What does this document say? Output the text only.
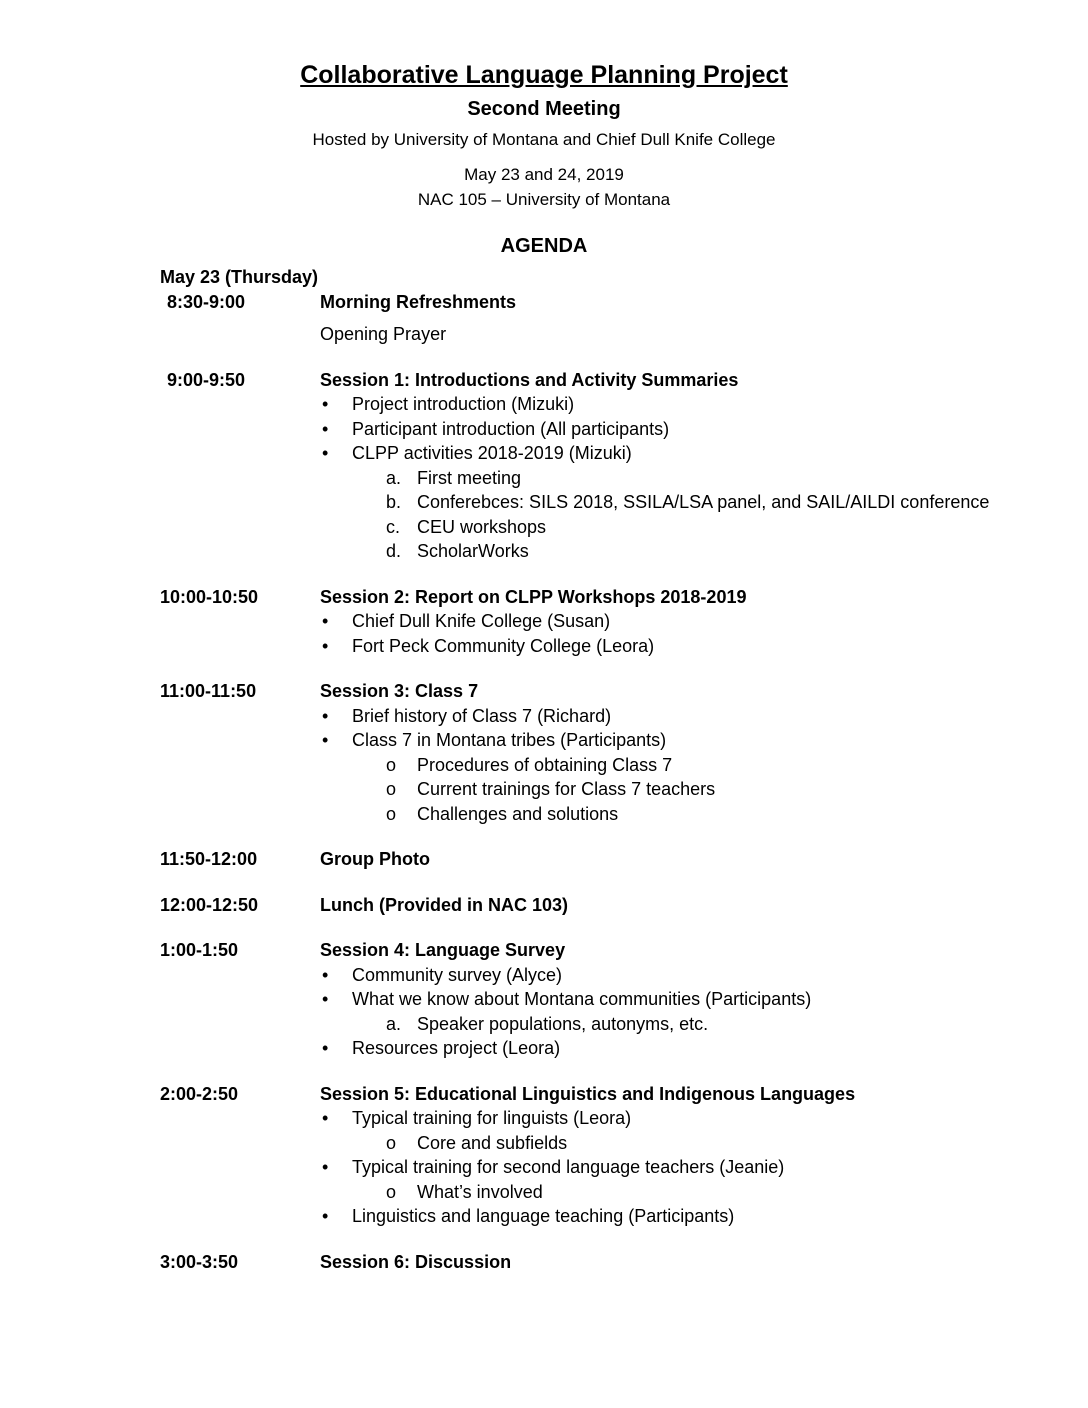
Collaborative Language Planning Project
Second Meeting

Hosted by University of Montana and Chief Dull Knife College

May 23 and 24, 2019

NAC 105 – University of Montana

AGENDA
May 23 (Thursday)
8:30-9:00	Morning Refreshments
Opening Prayer
9:00-9:50	Session 1: Introductions and Activity Summaries
• Project introduction (Mizuki)
• Participant introduction (All participants)
• CLPP activities 2018-2019 (Mizuki)
a. First meeting
b. Conferebces: SILS 2018, SSILA/LSA panel, and SAIL/AILDI conference
c. CEU workshops
d. ScholarWorks
10:00-10:50	Session 2: Report on CLPP Workshops 2018-2019
• Chief Dull Knife College (Susan)
• Fort Peck Community College (Leora)
11:00-11:50	Session 3: Class 7
• Brief history of Class 7 (Richard)
• Class 7 in Montana tribes (Participants)
o Procedures of obtaining Class 7
o Current trainings for Class 7 teachers
o Challenges and solutions
11:50-12:00	Group Photo
12:00-12:50	Lunch (Provided in NAC 103)
1:00-1:50	Session 4: Language Survey
• Community survey (Alyce)
• What we know about Montana communities (Participants)
a. Speaker populations, autonyms, etc.
• Resources project (Leora)
2:00-2:50	Session 5: Educational Linguistics and Indigenous Languages
• Typical training for linguists (Leora)
o Core and subfields
• Typical training for second language teachers (Jeanie)
o What’s involved
• Linguistics and language teaching (Participants)
3:00-3:50	Session 6: Discussion
